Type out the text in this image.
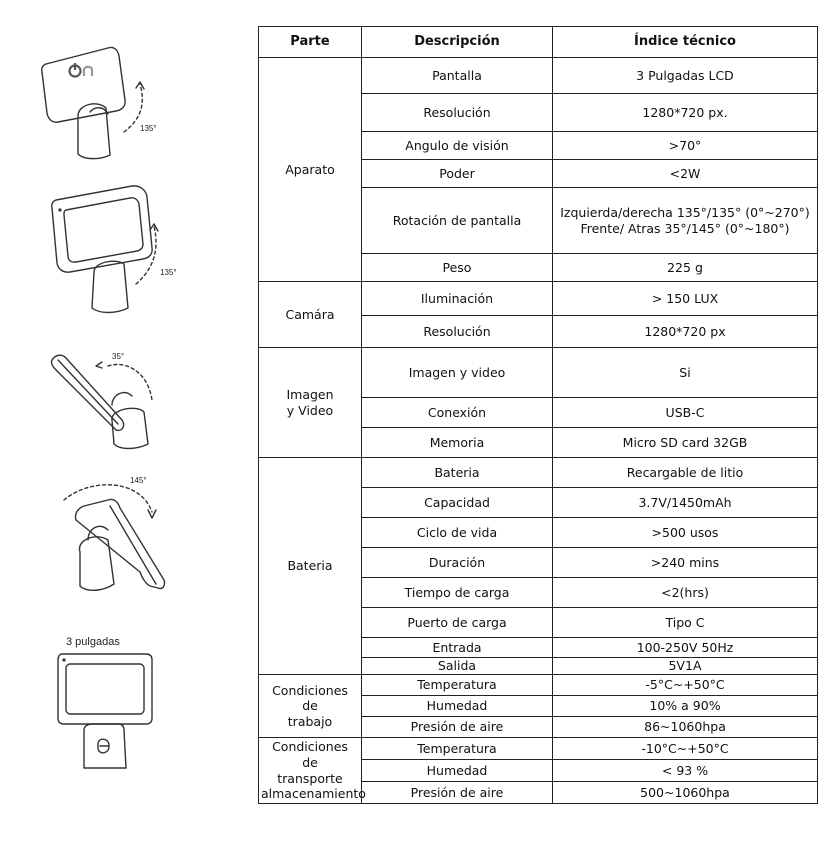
135°
135°
35°
145°
3 pulgadas
Parte	Descripción	Índice técnico
Aparato	Pantalla	3 Pulgadas LCD
	Resolución	1280*720 px.
	Angulo de visión	>70°
	Poder	<2W
	Rotación de pantalla	Izquierda/derecha 135°/135° (0°~270°)
Frente/ Atras 35°/145° (0°~180°)

	Peso	225 g
Camára	Iluminación	> 150 LUX
	Resolución	1280*720 px

Imagen
y Video	Imagen y video	Si
	Conexión	USB-C
	Memoria	Micro SD card 32GB
Bateria	Bateria	Recargable de litio
	Capacidad	3.7V/1450mAh
	Ciclo de vida	>500 usos
	Duración	>240 mins
	Tiempo de carga	<2(hrs)
	Puerto de carga	Tipo C
	Entrada	100-250V 50Hz
	Salida	5V1A

Condiciones
de
trabajo	Temperatura	-5°C~+50°C
	Humedad	10% a 90%
	Presión de aire	86~1060hpa

Condiciones
de
transporte
almacenamiento	Temperatura	-10°C~+50°C
	Humedad	< 93 %
	Presión de aire	500~1060hpa
